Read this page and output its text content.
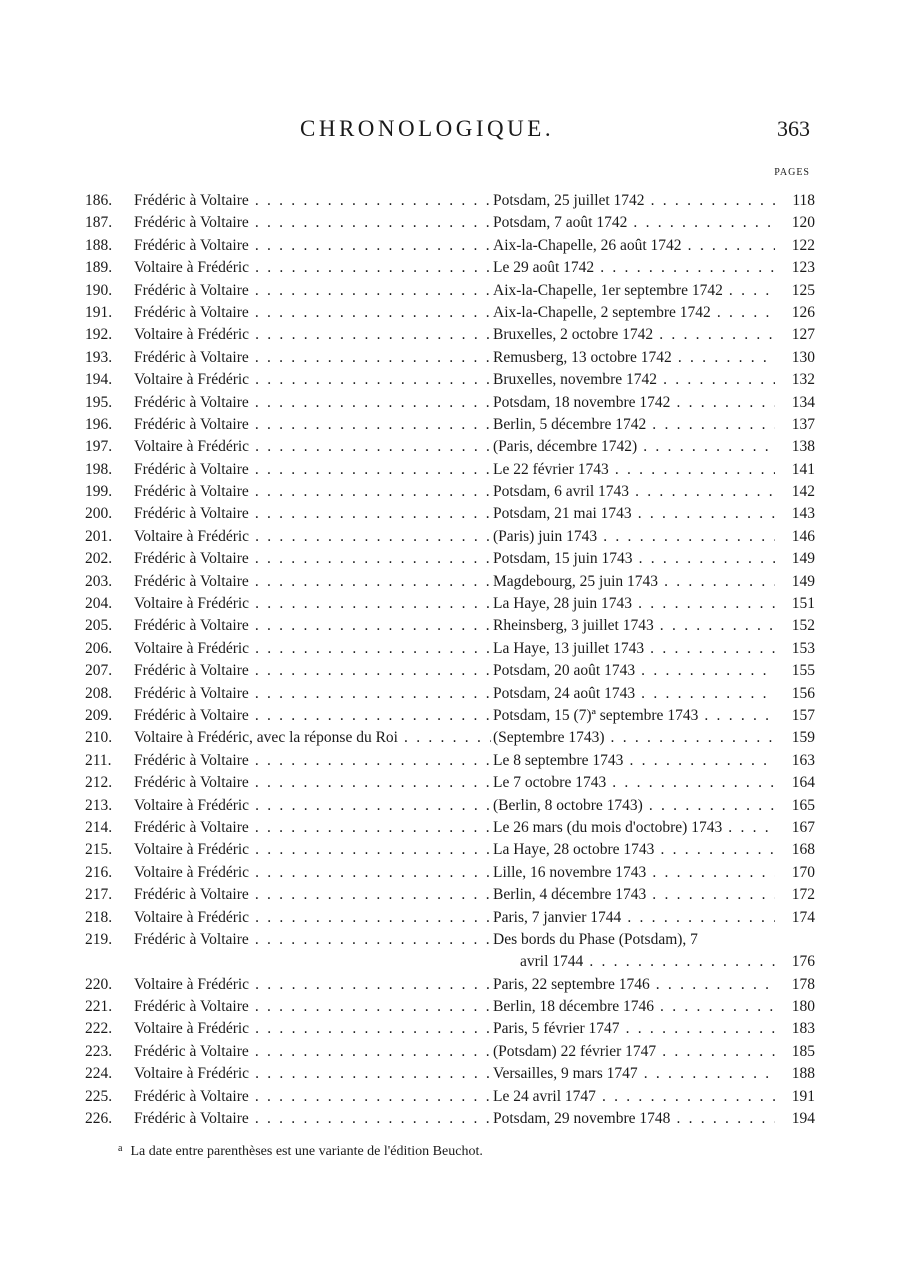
CHRONOLOGIQUE.	363
PAGES
186.	Frédéric à Voltaire . . .	Potsdam, 25 juillet 1742 . . .	118
187.	Frédéric à Voltaire . . .	Potsdam, 7 août 1742 . . .	120
188.	Frédéric à Voltaire . . .	Aix-la-Chapelle, 26 août 1742 . . .	122
189.	Voltaire à Frédéric . . .	Le 29 août 1742 . . .	123
190.	Frédéric à Voltaire . . .	Aix-la-Chapelle, 1er septembre 1742 . . .	125
191.	Frédéric à Voltaire . . .	Aix-la-Chapelle, 2 septembre 1742 . . .	126
192.	Voltaire à Frédéric . . .	Bruxelles, 2 octobre 1742 . . .	127
193.	Frédéric à Voltaire . . .	Remusberg, 13 octobre 1742 . . .	130
194.	Voltaire à Frédéric . . .	Bruxelles, novembre 1742 . . .	132
195.	Frédéric à Voltaire . . .	Potsdam, 18 novembre 1742 . . .	134
196.	Frédéric à Voltaire . . .	Berlin, 5 décembre 1742 . . .	137
197.	Voltaire à Frédéric . . .	(Paris, décembre 1742) . . .	138
198.	Frédéric à Voltaire . . .	Le 22 février 1743 . . .	141
199.	Frédéric à Voltaire . . .	Potsdam, 6 avril 1743 . . .	142
200.	Frédéric à Voltaire . . .	Potsdam, 21 mai 1743 . . .	143
201.	Voltaire à Frédéric . . .	(Paris) juin 1743 . . .	146
202.	Frédéric à Voltaire . . .	Potsdam, 15 juin 1743 . . .	149
203.	Frédéric à Voltaire . . .	Magdebourg, 25 juin 1743 . . .	149
204.	Voltaire à Frédéric . . .	La Haye, 28 juin 1743 . . .	151
205.	Frédéric à Voltaire . . .	Rheinsberg, 3 juillet 1743 . . .	152
206.	Voltaire à Frédéric . . .	La Haye, 13 juillet 1743 . . .	153
207.	Frédéric à Voltaire . . .	Potsdam, 20 août 1743 . . .	155
208.	Frédéric à Voltaire . . .	Potsdam, 24 août 1743 . . .	156
209.	Frédéric à Voltaire . . .	Potsdam, 15 (7)ª septembre 1743 . . .	157
210.	Voltaire à Frédéric, avec la réponse du Roi . . .	(Septembre 1743) . . .	159
211.	Frédéric à Voltaire . . .	Le 8 septembre 1743 . . .	163
212.	Frédéric à Voltaire . . .	Le 7 octobre 1743 . . .	164
213.	Voltaire à Frédéric . . .	(Berlin, 8 octobre 1743) . . .	165
214.	Frédéric à Voltaire . . .	Le 26 mars (du mois d'octobre) 1743 . . .	167
215.	Voltaire à Frédéric . . .	La Haye, 28 octobre 1743 . . .	168
216.	Voltaire à Frédéric . . .	Lille, 16 novembre 1743 . . .	170
217.	Frédéric à Voltaire . . .	Berlin, 4 décembre 1743 . . .	172
218.	Voltaire à Frédéric . . .	Paris, 7 janvier 1744 . . .	174
219.	Frédéric à Voltaire . . .	Des bords du Phase (Potsdam), 7
avril 1744 . . .	176
220.	Voltaire à Frédéric . . .	Paris, 22 septembre 1746 . . .	178
221.	Frédéric à Voltaire . . .	Berlin, 18 décembre 1746 . . .	180
222.	Voltaire à Frédéric . . .	Paris, 5 février 1747 . . .	183
223.	Frédéric à Voltaire . . .	(Potsdam) 22 février 1747 . . .	185
224.	Voltaire à Frédéric . . .	Versailles, 9 mars 1747 . . .	188
225.	Frédéric à Voltaire . . .	Le 24 avril 1747 . . .	191
226.	Frédéric à Voltaire . . .	Potsdam, 29 novembre 1748 . . .	194
$^a$ La date entre parenthèses est une variante de l'édition Beuchot.
